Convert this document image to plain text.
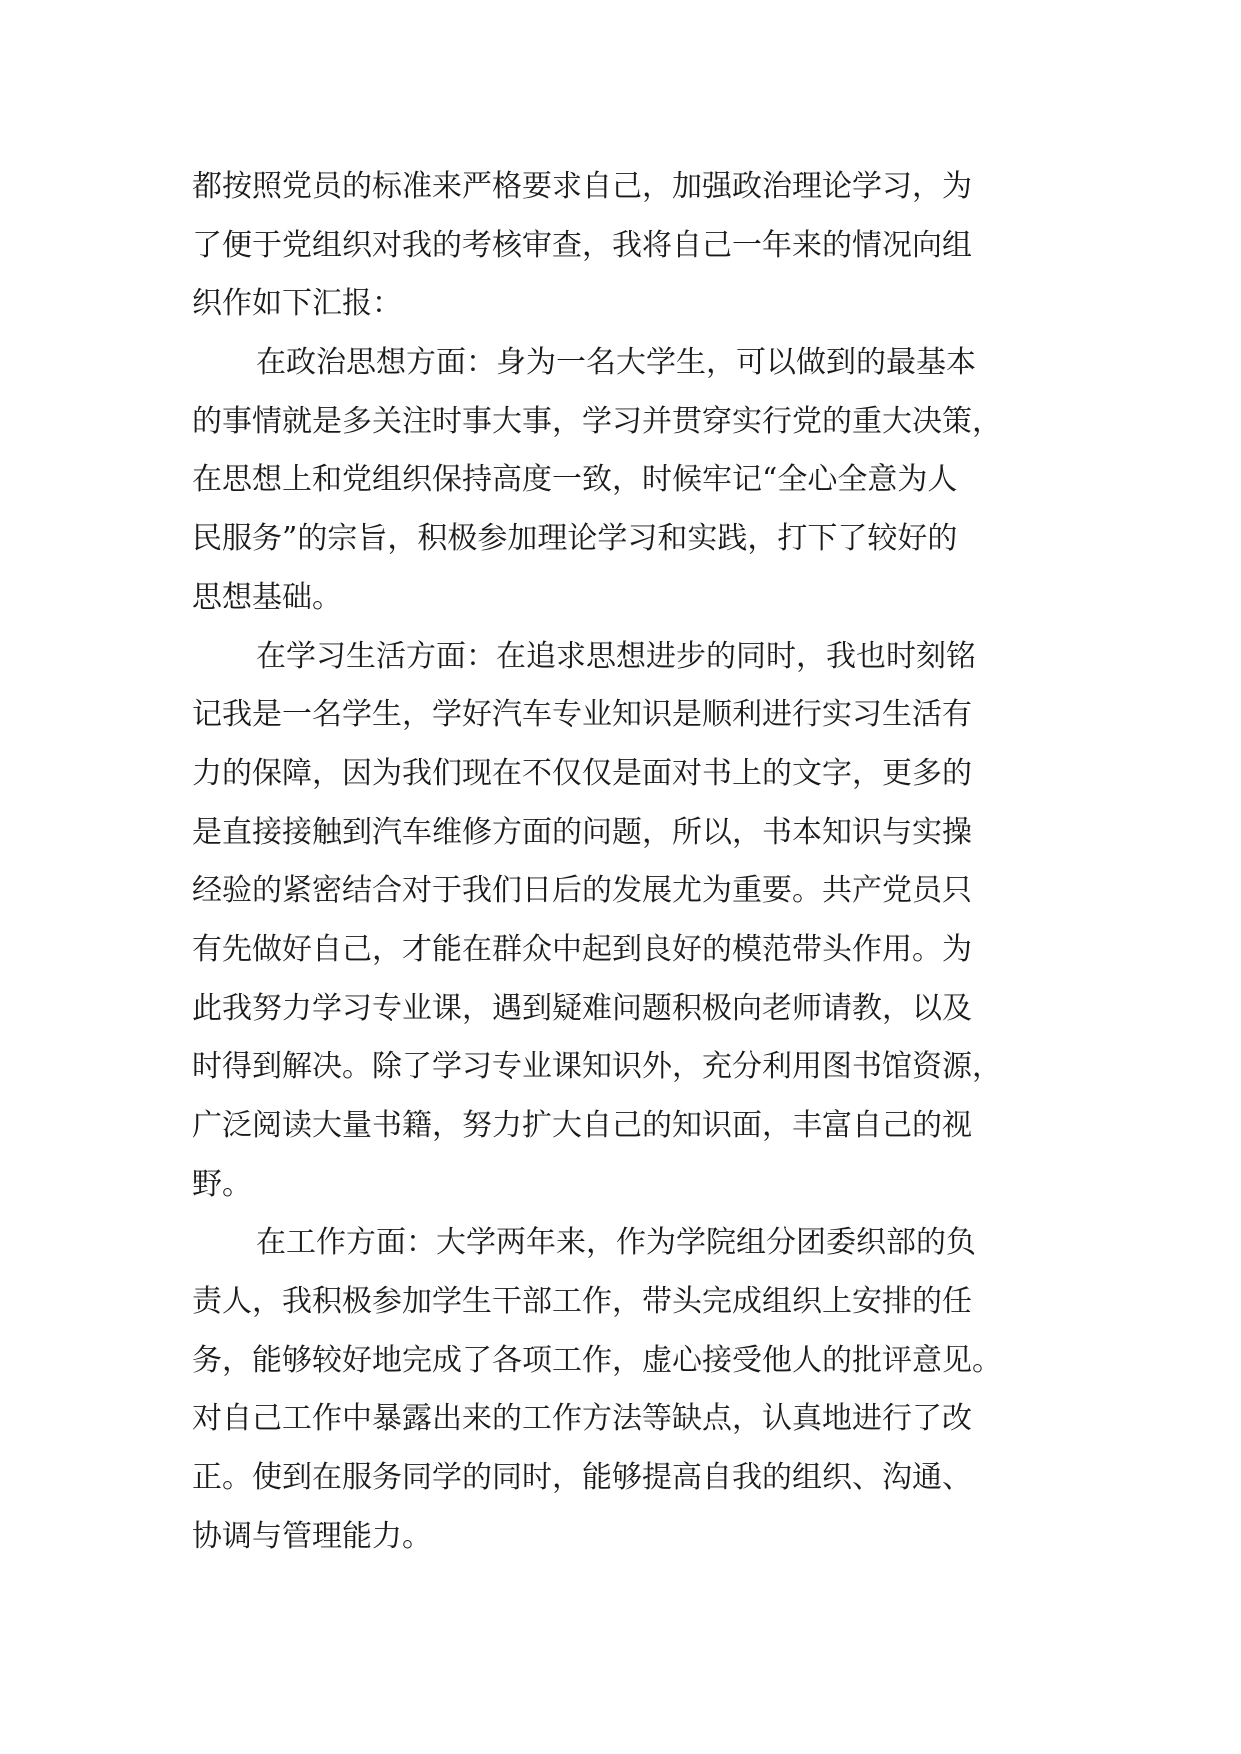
都按照党员的标准来严格要求自己，加强政治理论学习，为
了便于党组织对我的考核审查，我将自己一年来的情况向组
织作如下汇报：
在政治思想方面：身为一名大学生，可以做到的最基本
的事情就是多关注时事大事，学习并贯穿实行党的重大决策，
在思想上和党组织保持高度一致，时候牢记“全心全意为人
民服务”的宗旨，积极参加理论学习和实践，打下了较好的
思想基础。
在学习生活方面：在追求思想进步的同时，我也时刻铭
记我是一名学生，学好汽车专业知识是顺利进行实习生活有
力的保障，因为我们现在不仅仅是面对书上的文字，更多的
是直接接触到汽车维修方面的问题，所以，书本知识与实操
经验的紧密结合对于我们日后的发展尤为重要。共产党员只
有先做好自己，才能在群众中起到良好的模范带头作用。为
此我努力学习专业课，遇到疑难问题积极向老师请教，以及
时得到解决。除了学习专业课知识外，充分利用图书馆资源，
广泛阅读大量书籍，努力扩大自己的知识面，丰富自己的视
野。
在工作方面：大学两年来，作为学院组分团委织部的负
责人，我积极参加学生干部工作，带头完成组织上安排的任
务，能够较好地完成了各项工作，虚心接受他人的批评意见。
对自己工作中暴露出来的工作方法等缺点，认真地进行了改
正。使到在服务同学的同时，能够提高自我的组织、沟通、
协调与管理能力。
